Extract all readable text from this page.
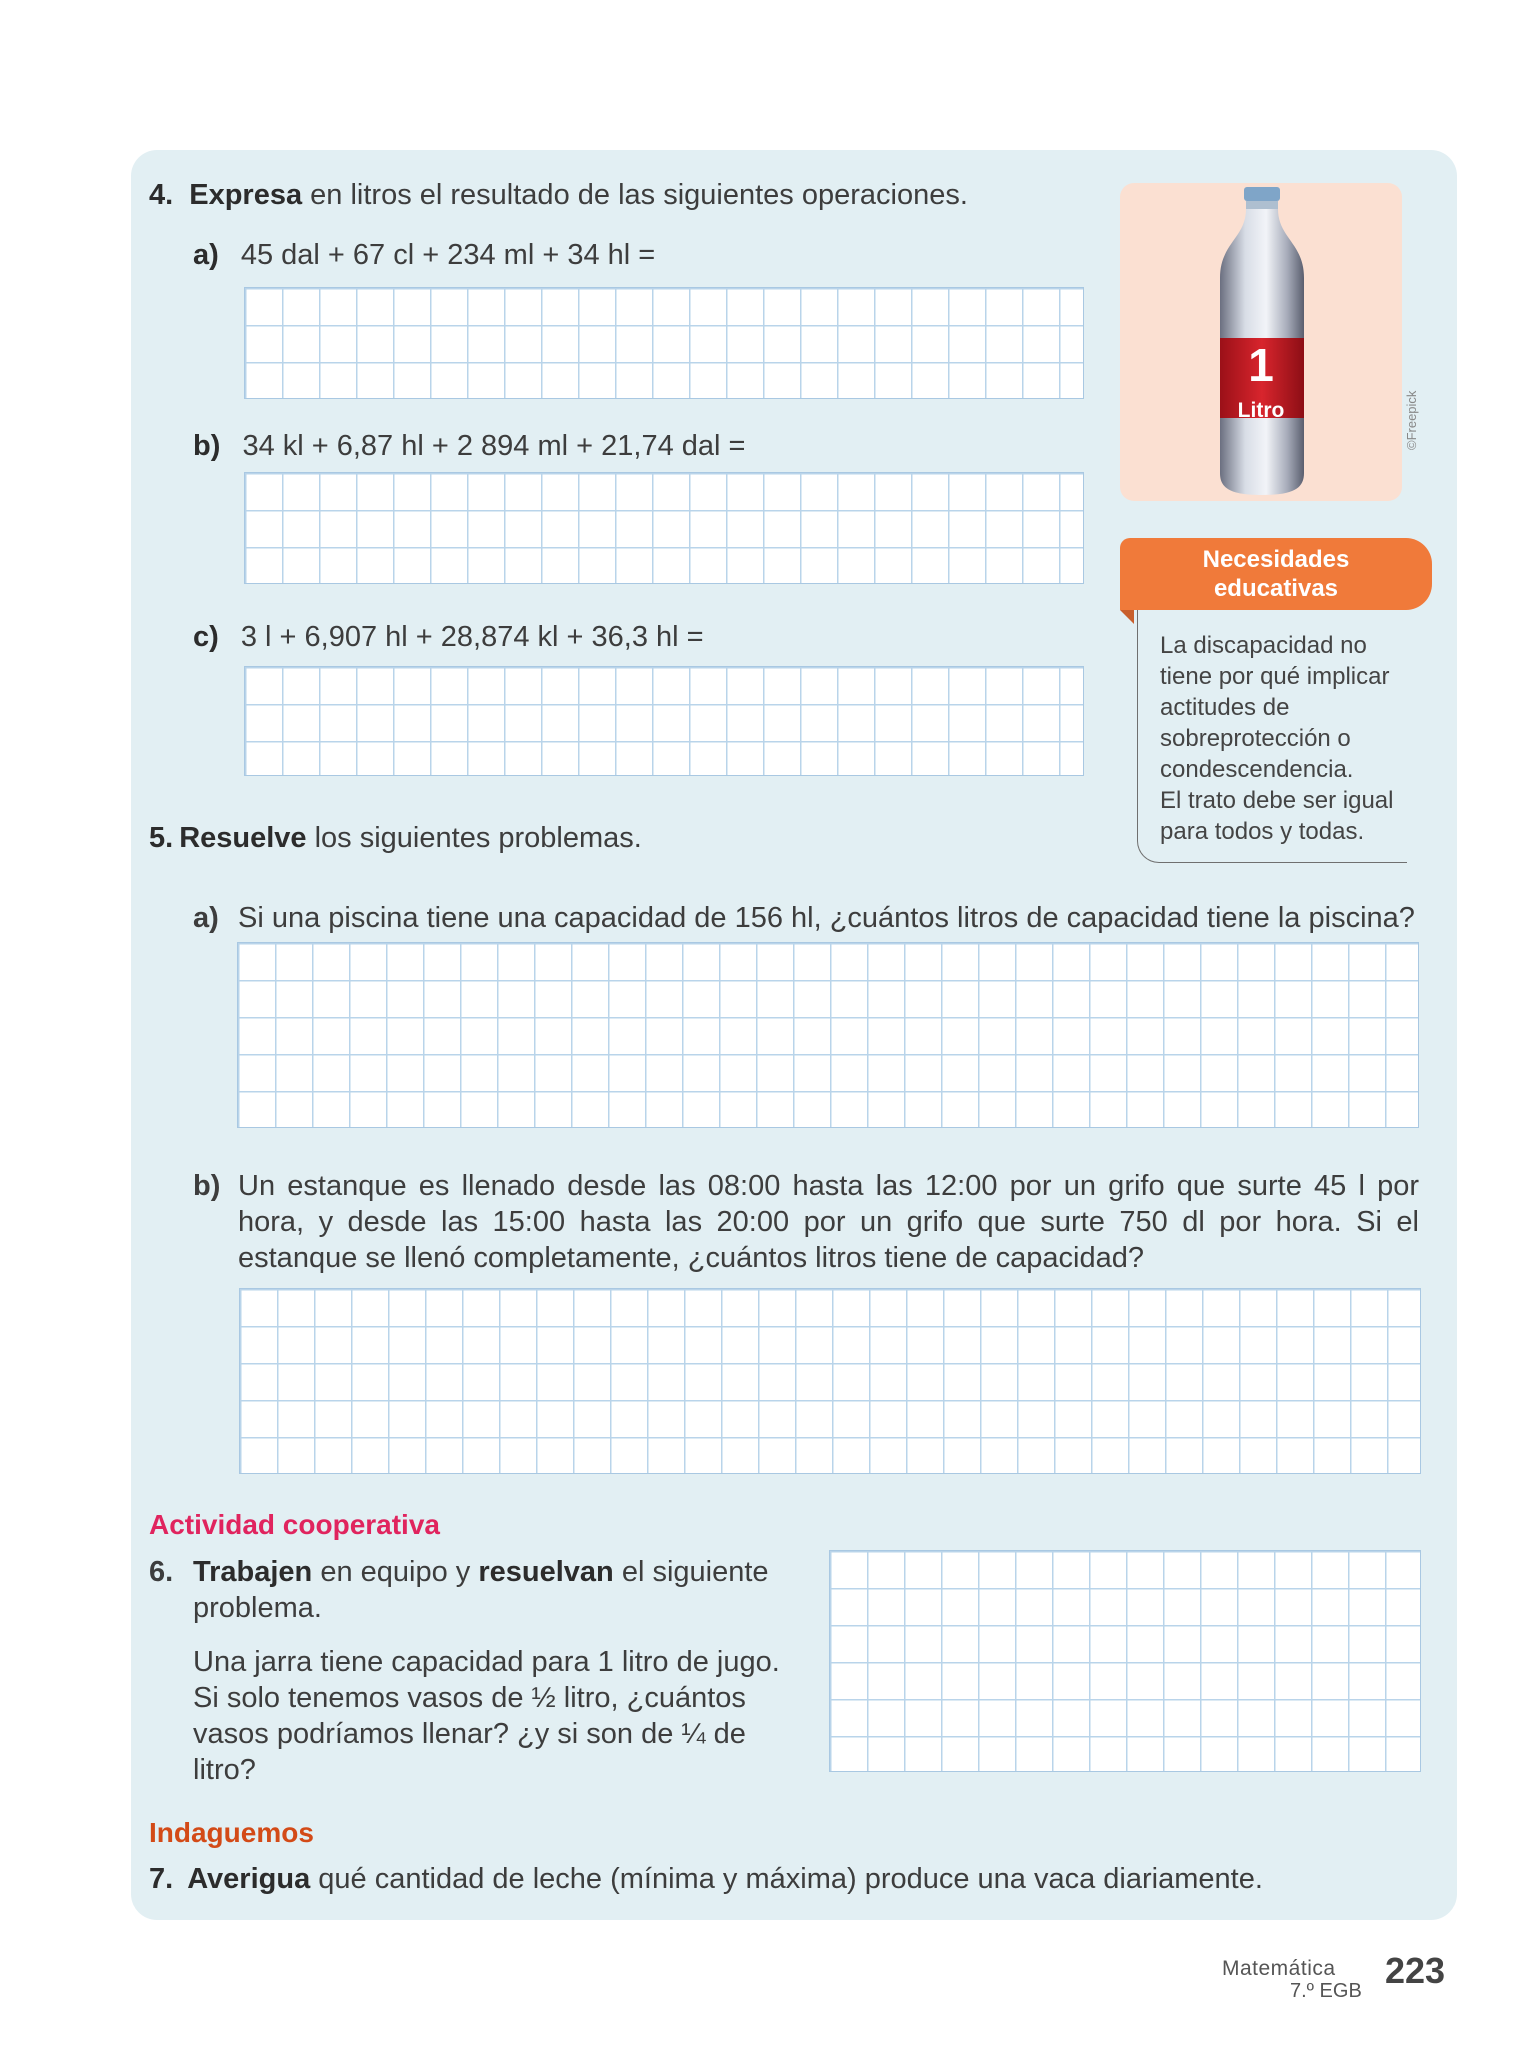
4. Expresa en litros el resultado de las siguientes operaciones.
a) 45 dal + 67 cl + 234 ml + 34 hl =
b) 34 kl + 6,87 hl + 2 894 ml + 21,74 dal =
c) 3 l + 6,907 hl + 28,874 kl + 36,3 hl =
1
Litro	©Freepick
Necesidades
educativas
La discapacidad no
tiene por qué implicar
actitudes de
sobreprotección o
condescendencia.
El trato debe ser igual
para todos y todas.
5. Resuelve los siguientes problemas.
a) Si una piscina tiene una capacidad de 156 hl, ¿cuántos litros de capacidad tiene la piscina?
b) Un estanque es llenado desde las 08:00 hasta las 12:00 por un grifo que surte 45 l por hora, y desde las 15:00 hasta las 20:00 por un grifo que surte 750 dl por hora. Si el estanque se llenó completamente, ¿cuántos litros tiene de capacidad?
Actividad cooperativa
6. Trabajen en equipo y resuelvan el siguiente problema.
Una jarra tiene capacidad para 1 litro de jugo. Si solo tenemos vasos de ½ litro, ¿cuántos vasos podríamos llenar? ¿y si son de ¼ de litro?
Indaguemos
7. Averigua qué cantidad de leche (mínima y máxima) produce una vaca diariamente.
Matemática
7.º EGB 223
